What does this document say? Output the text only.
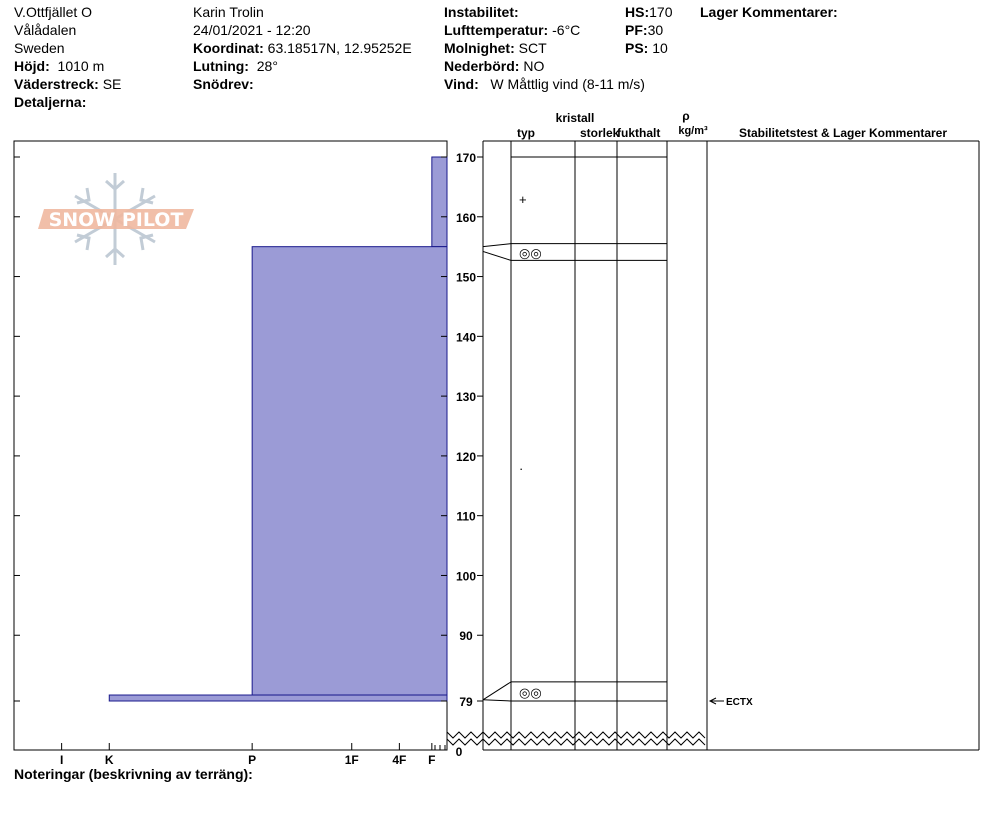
V.Ottfjället O
Vålådalen
Sweden
Höjd: 1010 m
Väderstreck: SE
Detaljerna:
Karin Trolin
24/01/2021 - 12:20
Koordinat: 63.18517N, 12.95252E
Lutning: 28°
Snödrev:
Instabilitet:
Lufttemperatur: -6°C
Molnighet: SCT
Nederbörd: NO
Vind: W Måttlig vind (8-11 m/s)
HS:170
PF:30
PS: 10
Lager Kommentarer:
Noteringar (beskrivning av terräng):
SNOW PILOT
I	K	P	1F	4F F
170
160
150
140
130
120
110
100
90
79
0
+
◎◎
·
◎◎
ECTX
kristall
typ	storlek
fukthalt
ρ
kg/m³	Stabilitetstest & Lager Kommentarer
